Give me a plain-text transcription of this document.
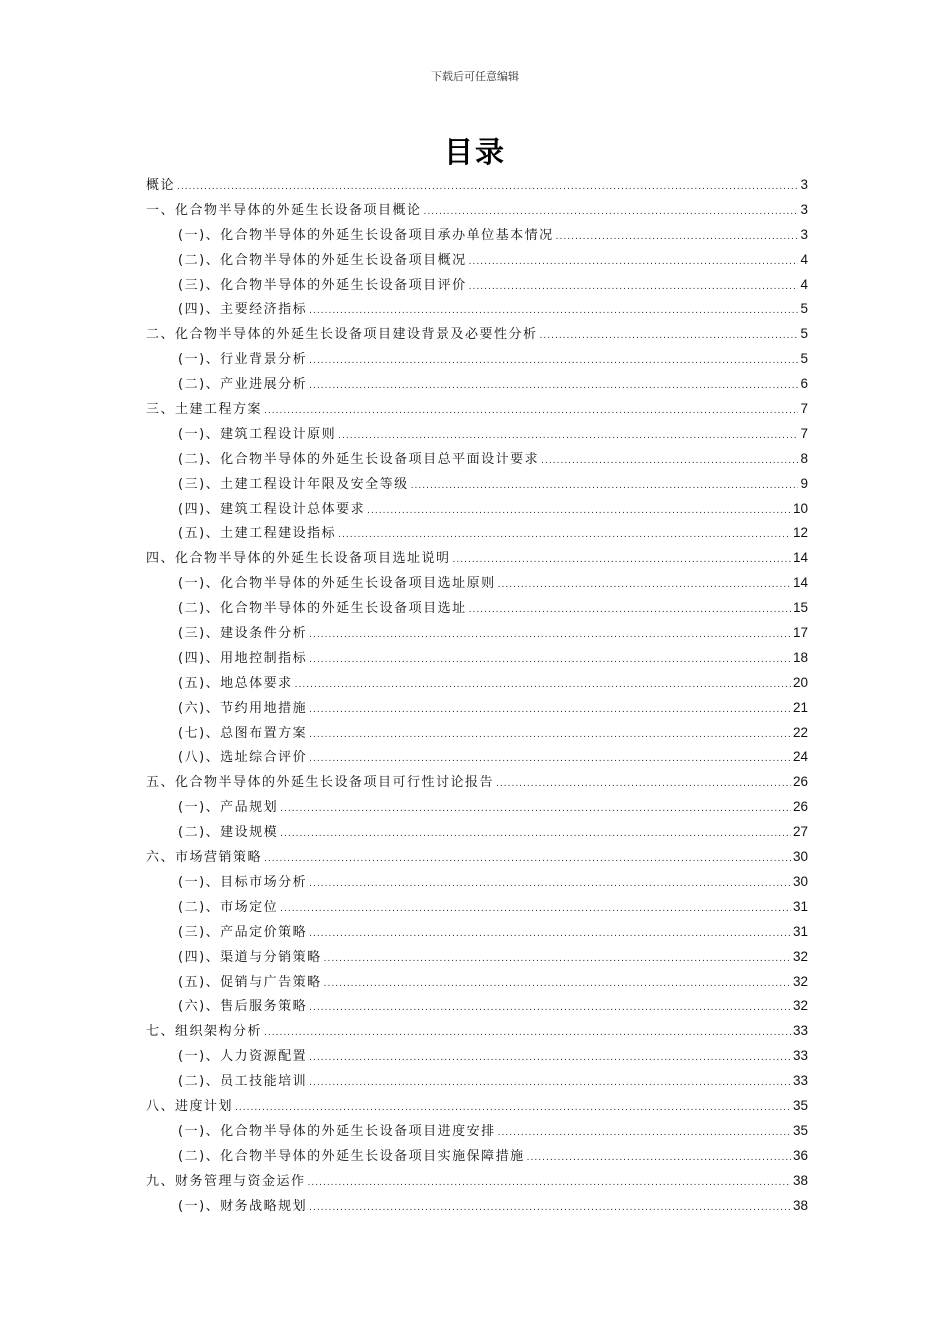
下载后可任意编辑
目录
概论 .....	3
一、化合物半导体的外延生长设备项目概论 .....	3
(一)、化合物半导体的外延生长设备项目承办单位基本情况 .....	3
(二)、化合物半导体的外延生长设备项目概况 .....	4
(三)、化合物半导体的外延生长设备项目评价 .....	4
(四)、主要经济指标 .....	5
二、化合物半导体的外延生长设备项目建设背景及必要性分析 .....	5
(一)、行业背景分析 .....	5
(二)、产业进展分析 .....	6
三、土建工程方案 .....	7
(一)、建筑工程设计原则 .....	7
(二)、化合物半导体的外延生长设备项目总平面设计要求 .....	8
(三)、土建工程设计年限及安全等级 .....	9
(四)、建筑工程设计总体要求 .....	10
(五)、土建工程建设指标 .....	12
四、化合物半导体的外延生长设备项目选址说明 .....	14
(一)、化合物半导体的外延生长设备项目选址原则 .....	14
(二)、化合物半导体的外延生长设备项目选址 .....	15
(三)、建设条件分析 .....	17
(四)、用地控制指标 .....	18
(五)、地总体要求 .....	20
(六)、节约用地措施 .....	21
(七)、总图布置方案 .....	22
(八)、选址综合评价 .....	24
五、化合物半导体的外延生长设备项目可行性讨论报告 .....	26
(一)、产品规划 .....	26
(二)、建设规模 .....	27
六、市场营销策略 .....	30
(一)、目标市场分析 .....	30
(二)、市场定位 .....	31
(三)、产品定价策略 .....	31
(四)、渠道与分销策略 .....	32
(五)、促销与广告策略 .....	32
(六)、售后服务策略 .....	32
七、组织架构分析 .....	33
(一)、人力资源配置 .....	33
(二)、员工技能培训 .....	33
八、进度计划 .....	35
(一)、化合物半导体的外延生长设备项目进度安排 .....	35
(二)、化合物半导体的外延生长设备项目实施保障措施 .....	36
九、财务管理与资金运作 .....	38
(一)、财务战略规划 .....	38
